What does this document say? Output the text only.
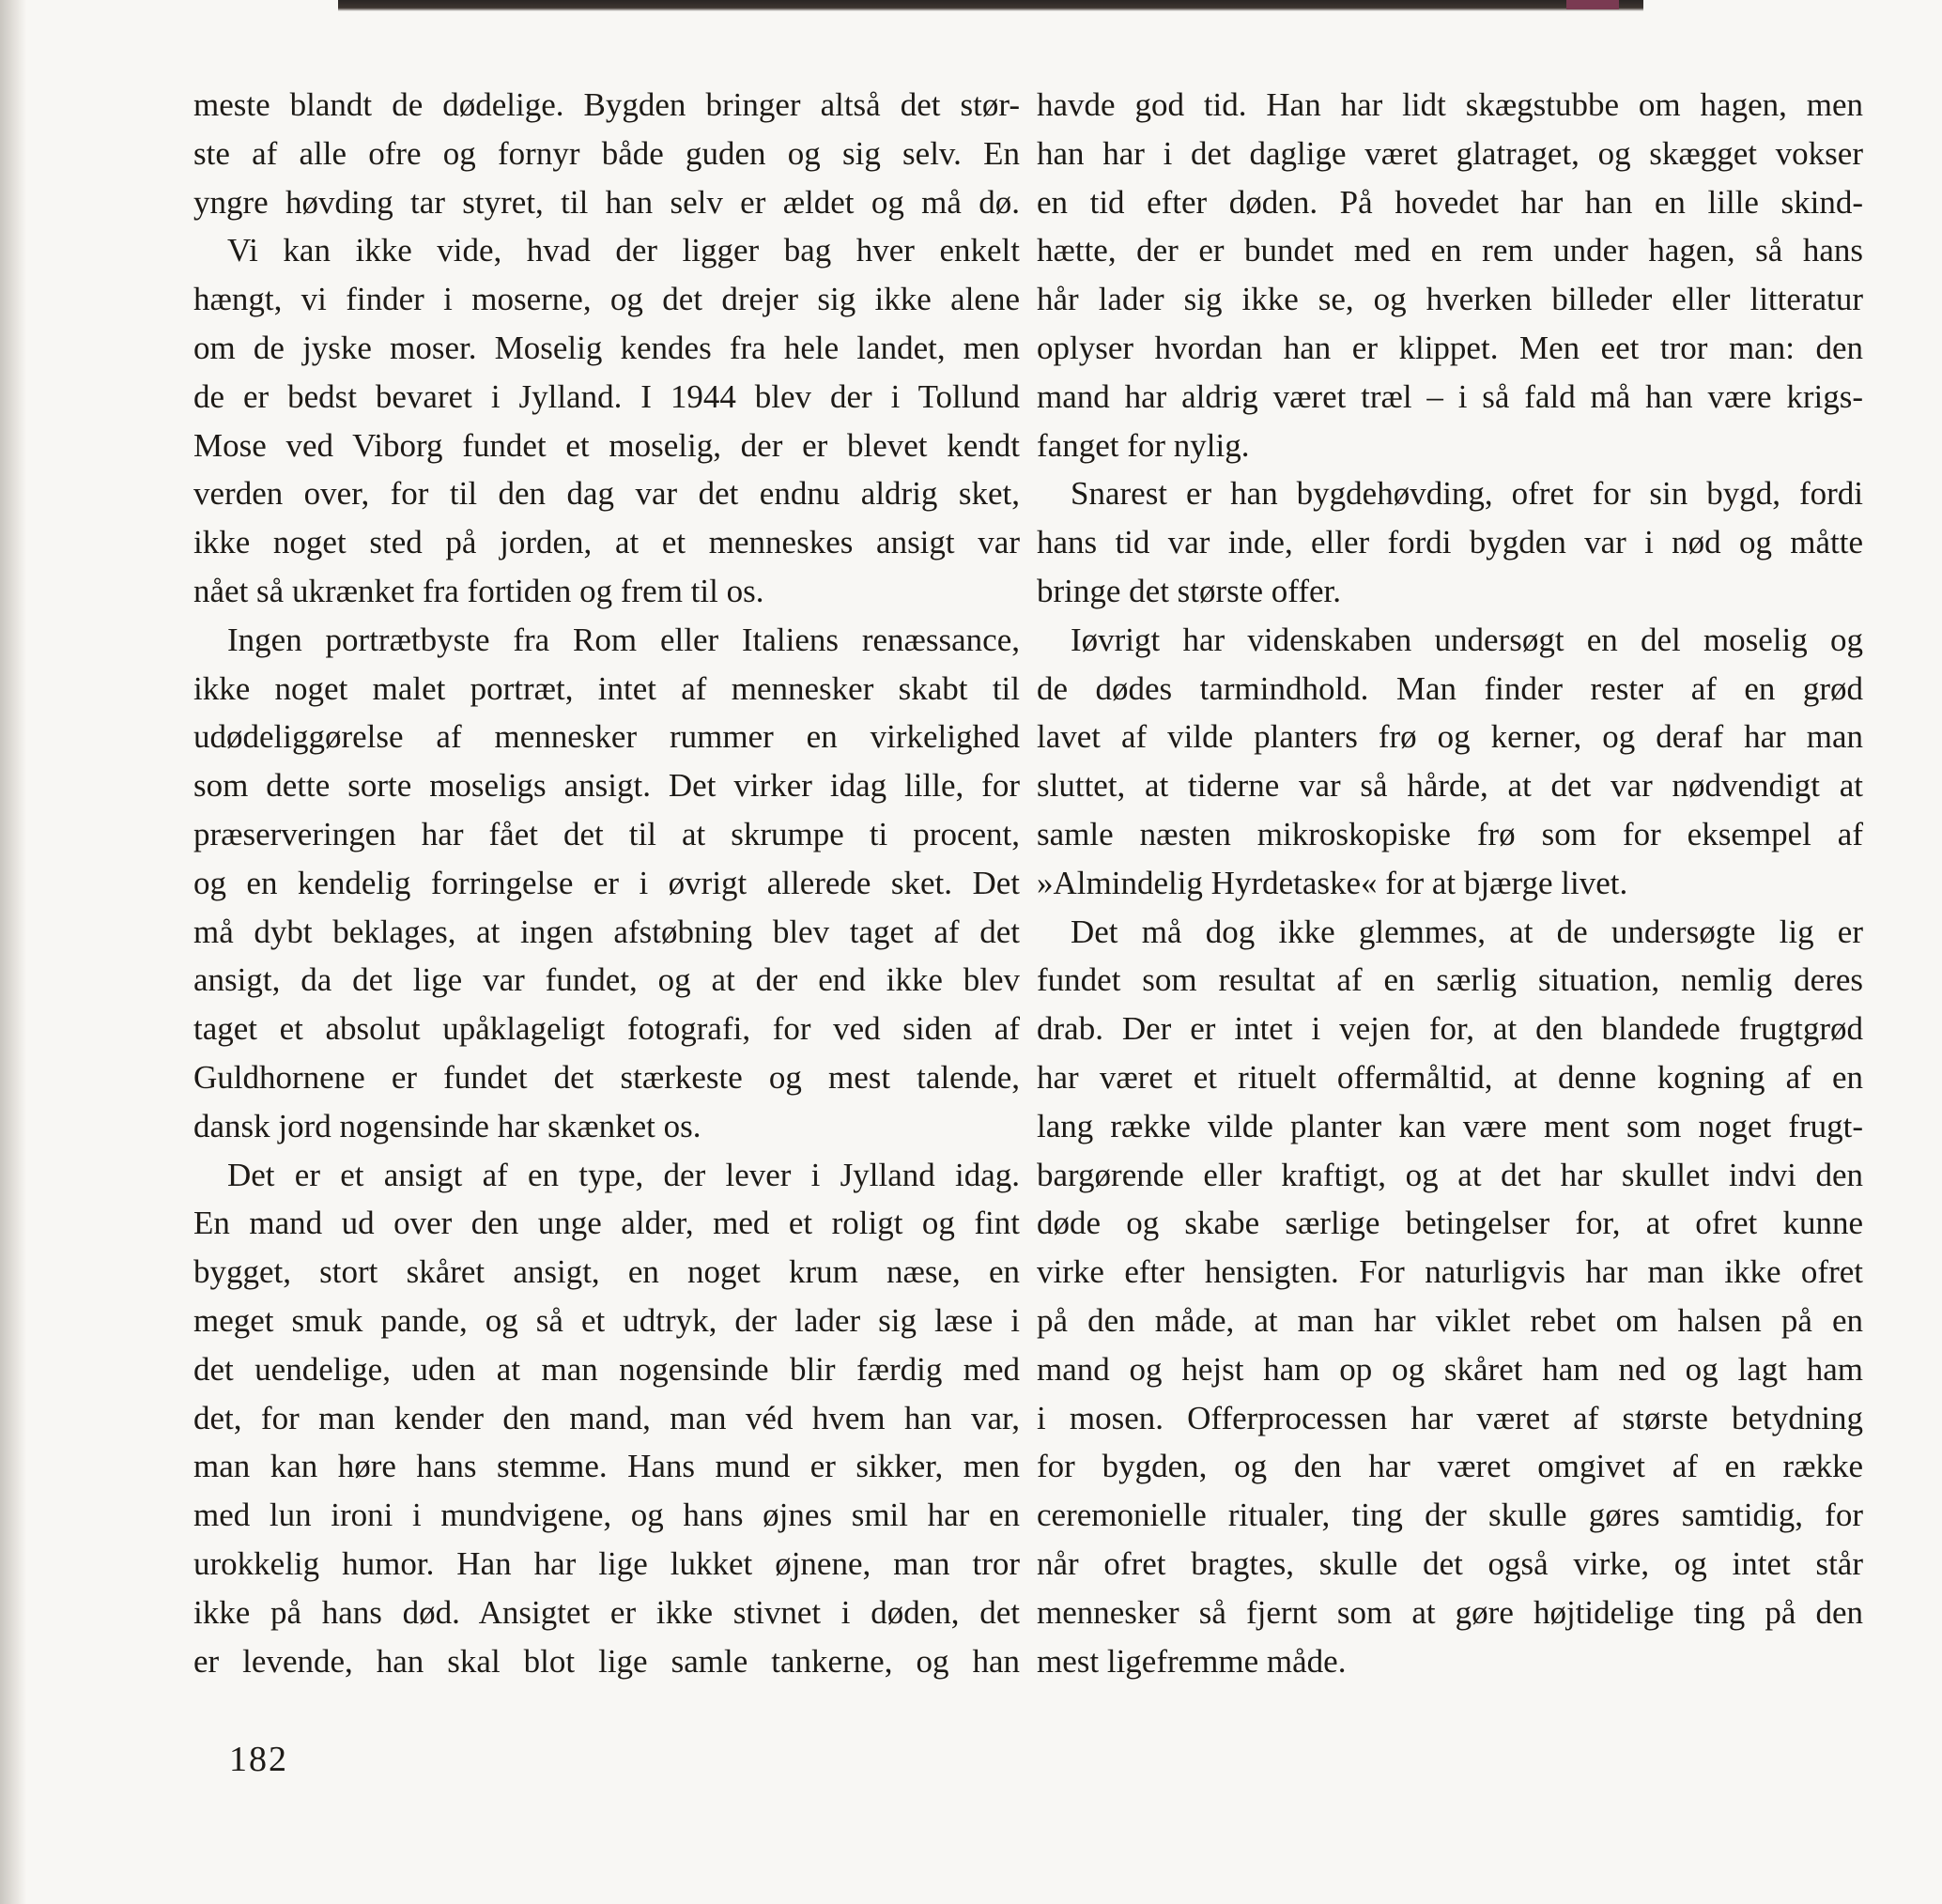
meste blandt de dødelige. Bygden bringer altså det stør-
ste af alle ofre og fornyr både guden og sig selv. En
yngre høvding tar styret, til han selv er ældet og må dø.
Vi kan ikke vide, hvad der ligger bag hver enkelt
hængt, vi finder i moserne, og det drejer sig ikke alene
om de jyske moser. Moselig kendes fra hele landet, men
de er bedst bevaret i Jylland. I 1944 blev der i Tollund
Mose ved Viborg fundet et moselig, der er blevet kendt
verden over, for til den dag var det endnu aldrig sket,
ikke noget sted på jorden, at et menneskes ansigt var
nået så ukrænket fra fortiden og frem til os.
Ingen portrætbyste fra Rom eller Italiens renæssance,
ikke noget malet portræt, intet af mennesker skabt til
udødeliggørelse af mennesker rummer en virkelighed
som dette sorte moseligs ansigt. Det virker idag lille, for
præserveringen har fået det til at skrumpe ti procent,
og en kendelig forringelse er i øvrigt allerede sket. Det
må dybt beklages, at ingen afstøbning blev taget af det
ansigt, da det lige var fundet, og at der end ikke blev
taget et absolut upåklageligt fotografi, for ved siden af
Guldhornene er fundet det stærkeste og mest talende,
dansk jord nogensinde har skænket os.
Det er et ansigt af en type, der lever i Jylland idag.
En mand ud over den unge alder, med et roligt og fint
bygget, stort skåret ansigt, en noget krum næse, en
meget smuk pande, og så et udtryk, der lader sig læse i
det uendelige, uden at man nogensinde blir færdig med
det, for man kender den mand, man véd hvem han var,
man kan høre hans stemme. Hans mund er sikker, men
med lun ironi i mundvigene, og hans øjnes smil har en
urokkelig humor. Han har lige lukket øjnene, man tror
ikke på hans død. Ansigtet er ikke stivnet i døden, det
er levende, han skal blot lige samle tankerne, og han
havde god tid. Han har lidt skægstubbe om hagen, men
han har i det daglige været glatraget, og skægget vokser
en tid efter døden. På hovedet har han en lille skind-
hætte, der er bundet med en rem under hagen, så hans
hår lader sig ikke se, og hverken billeder eller litteratur
oplyser hvordan han er klippet. Men eet tror man: den
mand har aldrig været træl – i så fald må han være krigs-
fanget for nylig.
Snarest er han bygdehøvding, ofret for sin bygd, fordi
hans tid var inde, eller fordi bygden var i nød og måtte
bringe det største offer.
Iøvrigt har videnskaben undersøgt en del moselig og
de dødes tarmindhold. Man finder rester af en grød
lavet af vilde planters frø og kerner, og deraf har man
sluttet, at tiderne var så hårde, at det var nødvendigt at
samle næsten mikroskopiske frø som for eksempel af
»Almindelig Hyrdetaske« for at bjærge livet.
Det må dog ikke glemmes, at de undersøgte lig er
fundet som resultat af en særlig situation, nemlig deres
drab. Der er intet i vejen for, at den blandede frugtgrød
har været et rituelt offermåltid, at denne kogning af en
lang række vilde planter kan være ment som noget frugt-
bargørende eller kraftigt, og at det har skullet indvi den
døde og skabe særlige betingelser for, at ofret kunne
virke efter hensigten. For naturligvis har man ikke ofret
på den måde, at man har viklet rebet om halsen på en
mand og hejst ham op og skåret ham ned og lagt ham
i mosen. Offerprocessen har været af største betydning
for bygden, og den har været omgivet af en række
ceremonielle ritualer, ting der skulle gøres samtidig, for
når ofret bragtes, skulle det også virke, og intet står
mennesker så fjernt som at gøre højtidelige ting på den
mest ligefremme måde.
182
